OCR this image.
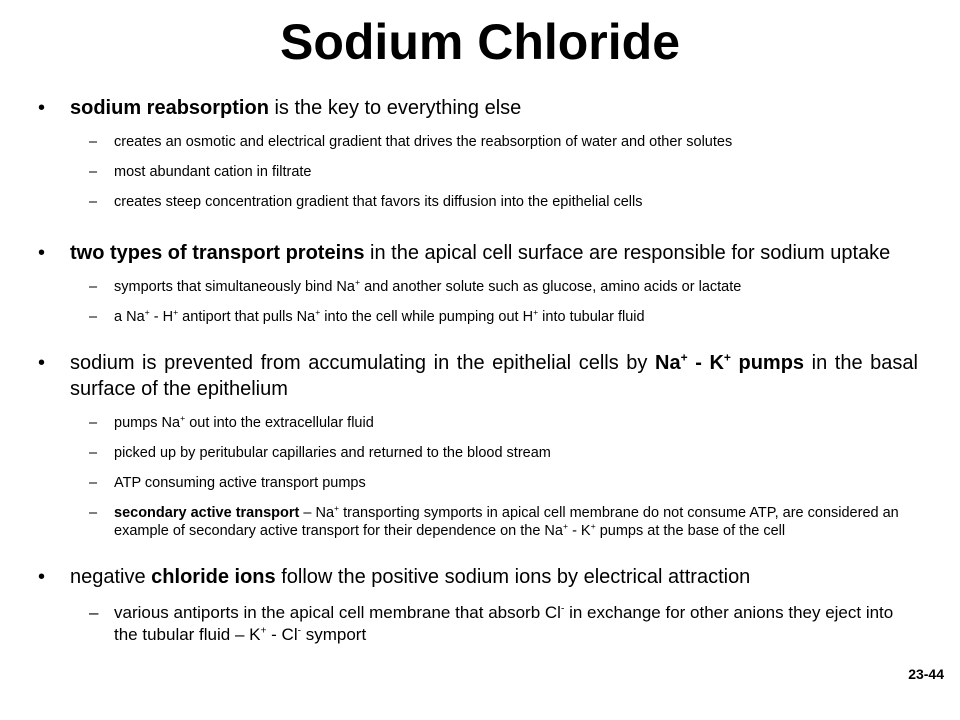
Sodium Chloride
• sodium reabsorption is the key to everything else
– creates an osmotic and electrical gradient that drives the reabsorption of water and other solutes
– most abundant cation in filtrate
– creates steep concentration gradient that favors its diffusion into the epithelial cells
• two types of transport proteins in the apical cell surface are responsible for sodium uptake
– symports that simultaneously bind Na+ and another solute such as glucose, amino acids or lactate
– a Na+ - H+ antiport that pulls Na+ into the cell while pumping out H+ into tubular fluid
• sodium is prevented from accumulating in the epithelial cells by Na+ - K+ pumps in the basal surface of the epithelium
– pumps Na+ out into the extracellular fluid
– picked up by peritubular capillaries and returned to the blood stream
– ATP consuming active transport pumps
– secondary active transport – Na+ transporting symports in apical cell membrane do not consume ATP, are considered an example of secondary active transport for their dependence on the Na+ - K+ pumps at the base of the cell
• negative chloride ions follow the positive sodium ions by electrical attraction
– various antiports in the apical cell membrane that absorb Cl- in exchange for other anions they eject into the tubular fluid – K+ - Cl- symport
23-44
